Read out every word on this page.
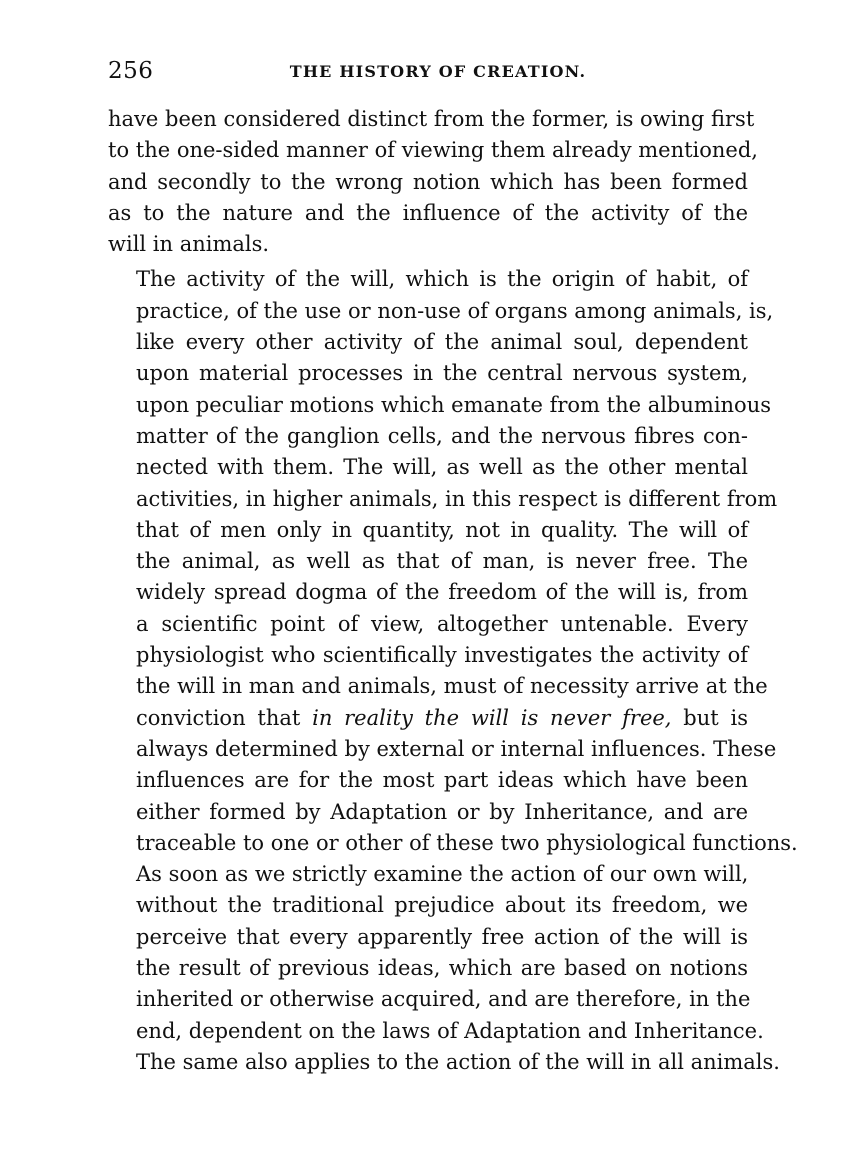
256	THE HISTORY OF CREATION.

have been considered distinct from the former, is owing first
to the one-sided manner of viewing them already mentioned,
and secondly to the wrong notion which has been formed
as to the nature and the influence of the activity of the
will in animals.

The activity of the will, which is the origin of habit, of
practice, of the use or non-use of organs among animals, is,
like every other activity of the animal soul, dependent
upon material processes in the central nervous system,
upon peculiar motions which emanate from the albuminous
matter of the ganglion cells, and the nervous fibres con-
nected with them. The will, as well as the other mental
activities, in higher animals, in this respect is different from
that of men only in quantity, not in quality. The will of
the animal, as well as that of man, is never free. The
widely spread dogma of the freedom of the will is, from
a scientific point of view, altogether untenable. Every
physiologist who scientifically investigates the activity of
the will in man and animals, must of necessity arrive at the
conviction that in reality the will is never free, but is
always determined by external or internal influences. These
influences are for the most part ideas which have been
either formed by Adaptation or by Inheritance, and are
traceable to one or other of these two physiological functions.
As soon as we strictly examine the action of our own will,
without the traditional prejudice about its freedom, we
perceive that every apparently free action of the will is
the result of previous ideas, which are based on notions
inherited or otherwise acquired, and are therefore, in the
end, dependent on the laws of Adaptation and Inheritance.
The same also applies to the action of the will in all animals.
